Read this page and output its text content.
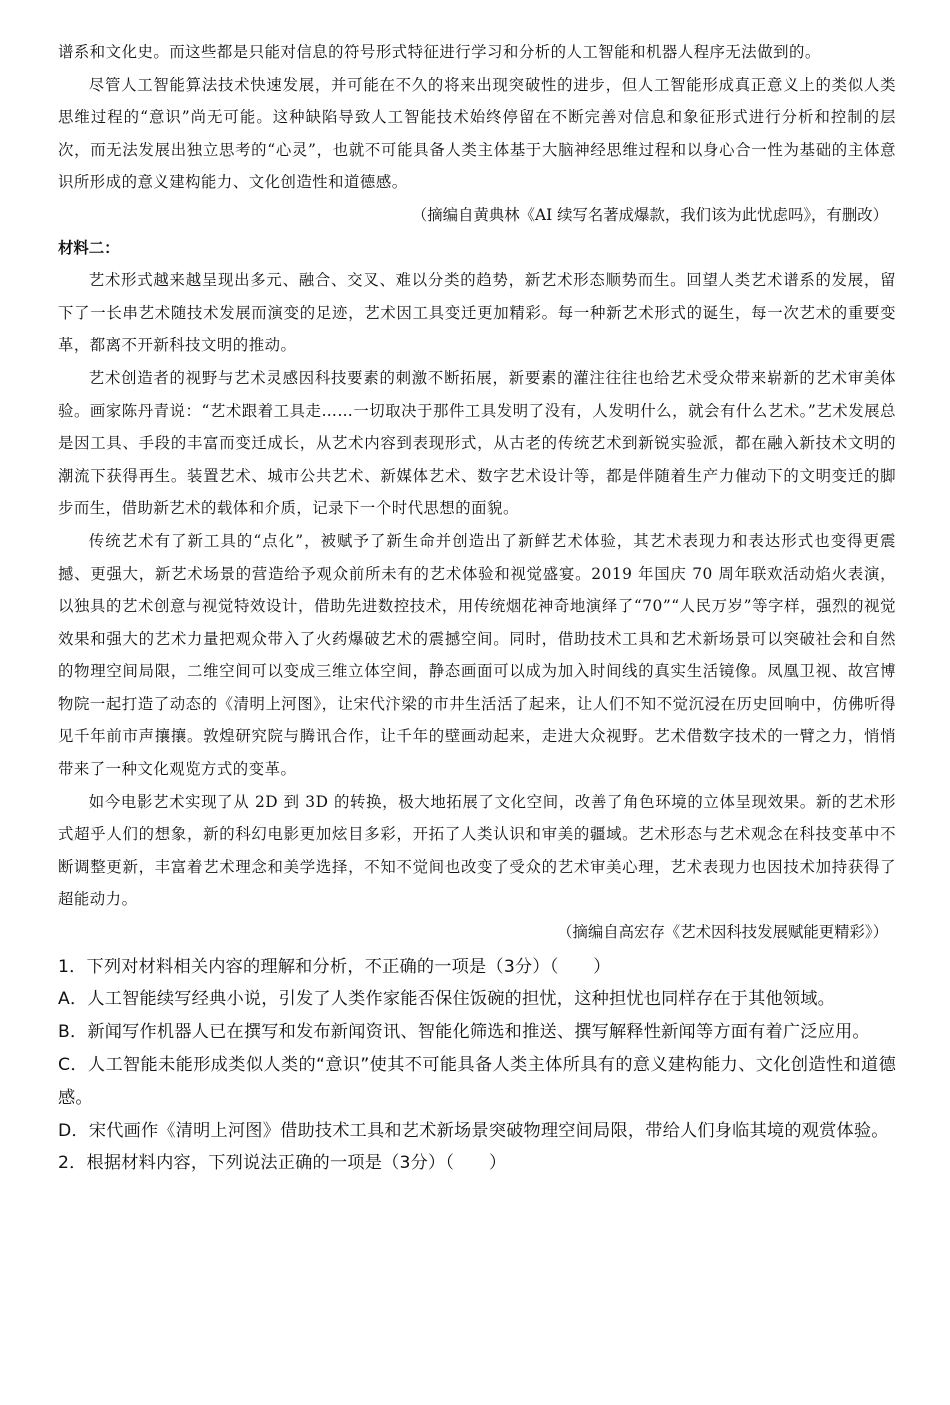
谱系和文化史。而这些都是只能对信息的符号形式特征进行学习和分析的人工智能和机器人程序无法做到的。

尽管人工智能算法技术快速发展，并可能在不久的将来出现突破性的进步，但人工智能形成真正意义上的类似人类思维过程的“意识”尚无可能。这种缺陷导致人工智能技术始终停留在不断完善对信息和象征形式进行分析和控制的层次，而无法发展出独立思考的“心灵”，也就不可能具备人类主体基于大脑神经思维过程和以身心合一性为基础的主体意识所形成的意义建构能力、文化创造性和道德感。

（摘编自黄典林《AI 续写名著成爆款，我们该为此忧虑吗》，有删改）

材料二：

艺术形式越来越呈现出多元、融合、交叉、难以分类的趋势，新艺术形态顺势而生。回望人类艺术谱系的发展，留下了一长串艺术随技术发展而演变的足迹，艺术因工具变迁更加精彩。每一种新艺术形式的诞生，每一次艺术的重要变革，都离不开新科技文明的推动。

艺术创造者的视野与艺术灵感因科技要素的刺激不断拓展，新要素的灌注往往也给艺术受众带来崭新的艺术审美体验。画家陈丹青说：“艺术跟着工具走……一切取决于那件工具发明了没有，人发明什么，就会有什么艺术。”艺术发展总是因工具、手段的丰富而变迁成长，从艺术内容到表现形式，从古老的传统艺术到新锐实验派，都在融入新技术文明的潮流下获得再生。装置艺术、城市公共艺术、新媒体艺术、数字艺术设计等，都是伴随着生产力催动下的文明变迁的脚步而生，借助新艺术的载体和介质，记录下一个时代思想的面貌。

传统艺术有了新工具的“点化”，被赋予了新生命并创造出了新鲜艺术体验，其艺术表现力和表达形式也变得更震撼、更强大，新艺术场景的营造给予观众前所未有的艺术体验和视觉盛宴。2019 年国庆 70 周年联欢活动焰火表演，以独具的艺术创意与视觉特效设计，借助先进数控技术，用传统烟花神奇地演绎了“70”“人民万岁”等字样，强烈的视觉效果和强大的艺术力量把观众带入了火药爆破艺术的震撼空间。同时，借助技术工具和艺术新场景可以突破社会和自然的物理空间局限，二维空间可以变成三维立体空间，静态画面可以成为加入时间线的真实生活镜像。凤凰卫视、故宫博物院一起打造了动态的《清明上河图》，让宋代汴梁的市井生活活了起来，让人们不知不觉沉浸在历史回响中，仿佛听得见千年前市声攘攘。敦煌研究院与腾讯合作，让千年的壁画动起来，走进大众视野。艺术借数字技术的一臂之力，悄悄带来了一种文化观览方式的变革。

如今电影艺术实现了从 2D 到 3D 的转换，极大地拓展了文化空间，改善了角色环境的立体呈现效果。新的艺术形式超乎人们的想象，新的科幻电影更加炫目多彩，开拓了人类认识和审美的疆域。艺术形态与艺术观念在科技变革中不断调整更新，丰富着艺术理念和美学选择，不知不觉间也改变了受众的艺术审美心理，艺术表现力也因技术加持获得了超能动力。

（摘编自高宏存《艺术因科技发展赋能更精彩》）

1．下列对材料相关内容的理解和分析，不正确的一项是（3分）（　　）

A．人工智能续写经典小说，引发了人类作家能否保住饭碗的担忧，这种担忧也同样存在于其他领域。

B．新闻写作机器人已在撰写和发布新闻资讯、智能化筛选和推送、撰写解释性新闻等方面有着广泛应用。

C．人工智能未能形成类似人类的“意识”使其不可能具备人类主体所具有的意义建构能力、文化创造性和道德感。

D．宋代画作《清明上河图》借助技术工具和艺术新场景突破物理空间局限，带给人们身临其境的观赏体验。

2．根据材料内容，下列说法正确的一项是（3分）（　　）
